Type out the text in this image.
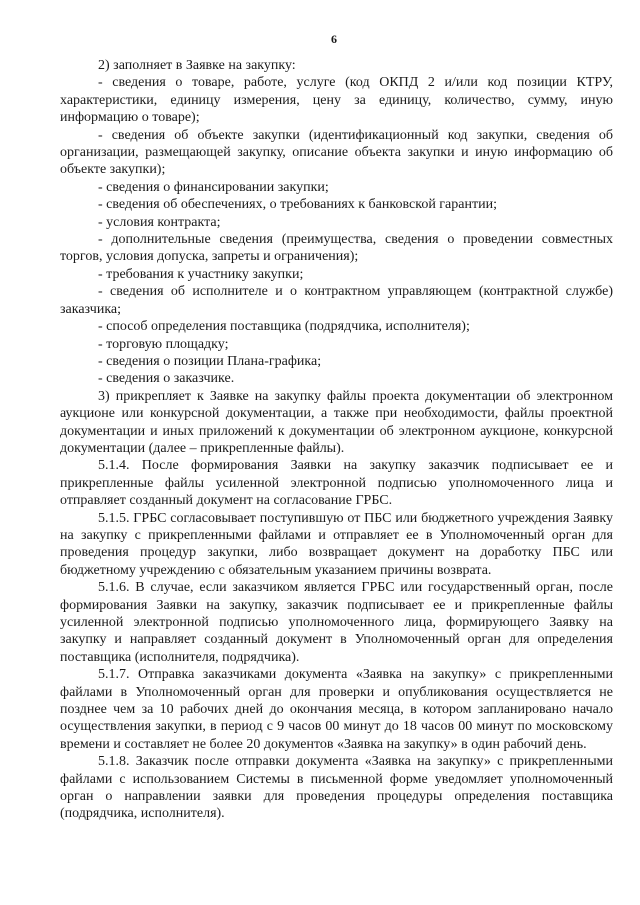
6

2) заполняет в Заявке на закупку:

- сведения о товаре, работе, услуге (код ОКПД 2 и/или код позиции КТРУ, характеристики, единицу измерения, цену за единицу, количество, сумму, иную информацию о товаре);

- сведения об объекте закупки (идентификационный код закупки, сведения об организации, размещающей закупку, описание объекта закупки и иную информацию об объекте закупки);

- сведения о финансировании закупки;

- сведения об обеспечениях, о требованиях к банковской гарантии;

- условия контракта;

- дополнительные сведения (преимущества, сведения о проведении совместных торгов, условия допуска, запреты и ограничения);

- требования к участнику закупки;

- сведения об исполнителе и о контрактном управляющем (контрактной службе) заказчика;

- способ определения поставщика (подрядчика, исполнителя);

- торговую площадку;

- сведения о позиции Плана-графика;

- сведения о заказчике.

3) прикрепляет к Заявке на закупку файлы проекта документации об электронном аукционе или конкурсной документации, а также при необходимости, файлы проектной документации и иных приложений к документации об электронном аукционе, конкурсной документации (далее – прикрепленные файлы).

5.1.4. После формирования Заявки на закупку заказчик подписывает ее и прикрепленные файлы усиленной электронной подписью уполномоченного лица и отправляет созданный документ на согласование ГРБС.

5.1.5. ГРБС согласовывает поступившую от ПБС или бюджетного учреждения Заявку на закупку с прикрепленными файлами и отправляет ее в Уполномоченный орган для проведения процедур закупки, либо возвращает документ на доработку ПБС или бюджетному учреждению с обязательным указанием причины возврата.

5.1.6. В случае, если заказчиком является ГРБС или государственный орган, после формирования Заявки на закупку, заказчик подписывает ее и прикрепленные файлы усиленной электронной подписью уполномоченного лица, формирующего Заявку на закупку и направляет созданный документ в Уполномоченный орган для определения поставщика (исполнителя, подрядчика).

5.1.7. Отправка заказчиками документа «Заявка на закупку» с прикрепленными файлами в Уполномоченный орган для проверки и опубликования осуществляется не позднее чем за 10 рабочих дней до окончания месяца, в котором запланировано начало осуществления закупки, в период с 9 часов 00 минут до 18 часов 00 минут по московскому времени и составляет не более 20 документов «Заявка на закупку» в один рабочий день.

5.1.8. Заказчик после отправки документа «Заявка на закупку» с прикрепленными файлами с использованием Системы в письменной форме уведомляет уполномоченный орган о направлении заявки для проведения процедуры определения поставщика (подрядчика, исполнителя).
